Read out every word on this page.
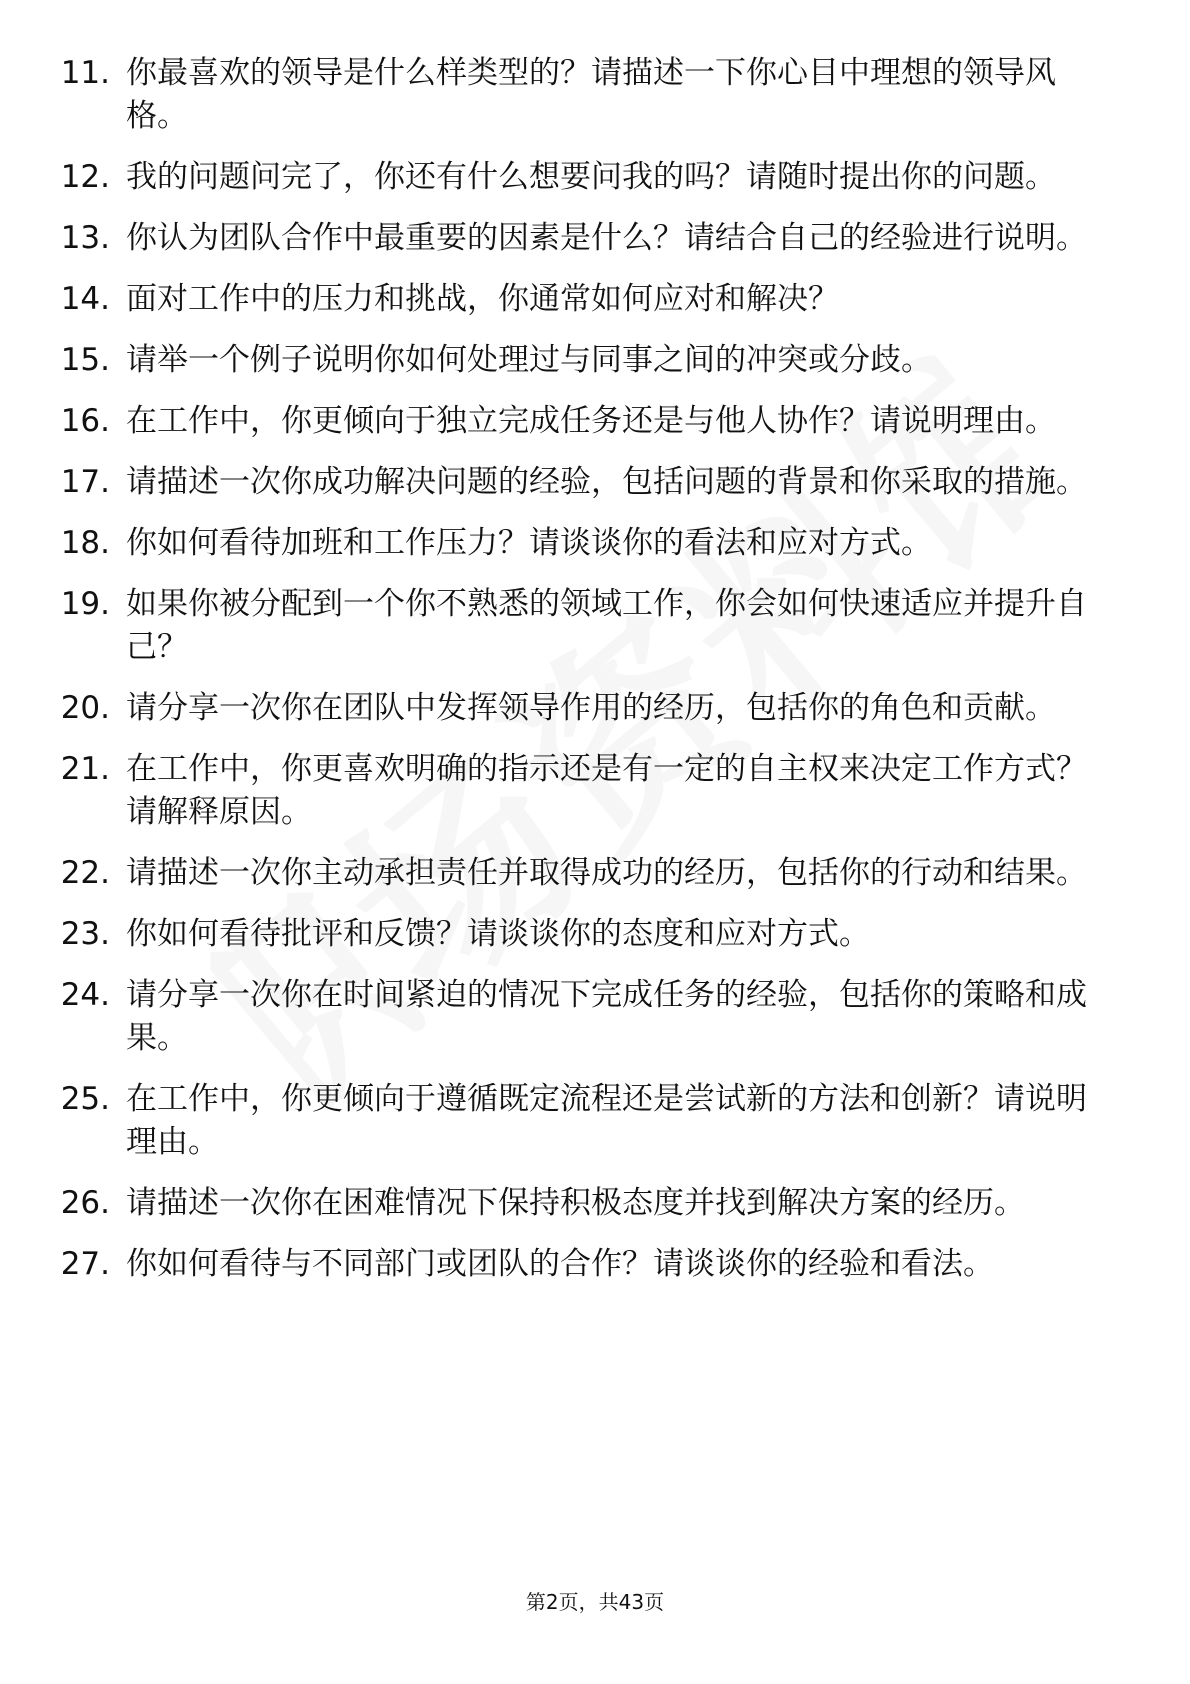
11. 你最喜欢的领导是什么样类型的？请描述一下你心目中理想的领导风格。
12. 我的问题问完了，你还有什么想要问我的吗？请随时提出你的问题。
13. 你认为团队合作中最重要的因素是什么？请结合自己的经验进行说明。
14. 面对工作中的压力和挑战，你通常如何应对和解决？
15. 请举一个例子说明你如何处理过与同事之间的冲突或分歧。
16. 在工作中，你更倾向于独立完成任务还是与他人协作？请说明理由。
17. 请描述一次你成功解决问题的经验，包括问题的背景和你采取的措施。
18. 你如何看待加班和工作压力？请谈谈你的看法和应对方式。
19. 如果你被分配到一个你不熟悉的领域工作，你会如何快速适应并提升自己？
20. 请分享一次你在团队中发挥领导作用的经历，包括你的角色和贡献。
21. 在工作中，你更喜欢明确的指示还是有一定的自主权来决定工作方式？请解释原因。
22. 请描述一次你主动承担责任并取得成功的经历，包括你的行动和结果。
23. 你如何看待批评和反馈？请谈谈你的态度和应对方式。
24. 请分享一次你在时间紧迫的情况下完成任务的经验，包括你的策略和成果。
25. 在工作中，你更倾向于遵循既定流程还是尝试新的方法和创新？请说明理由。
26. 请描述一次你在困难情况下保持积极态度并找到解决方案的经历。
27. 你如何看待与不同部门或团队的合作？请谈谈你的经验和看法。
第2页，共43页
